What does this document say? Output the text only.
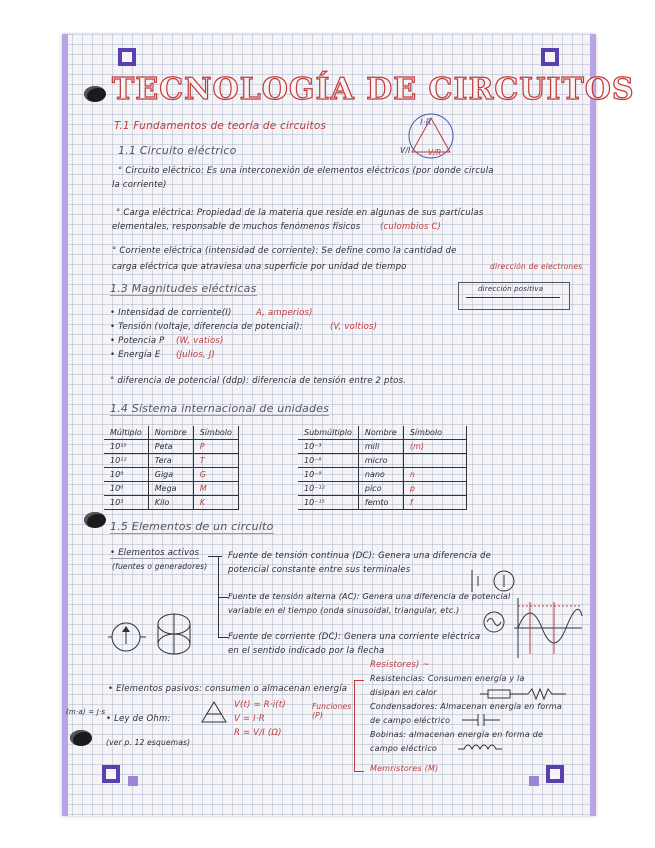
TECNOLOGÍA DE CIRCUITOS
T.1 Fundamentos de teoría de circuitos	I·R
V/I V/R
1.1 Circuito eléctrico
° Circuito eléctrico: Es una interconexión de elementos eléctricos (por donde circula
la corriente)
° Carga eléctrica: Propiedad de la materia que reside en algunas de sus partículas
elementales, responsable de muchos fenómenos físicos (culombios C)
° Corriente eléctrica (intensidad de corriente): Se define como la cantidad de
carga eléctrica que atraviesa una superficie por unidad de tiempo	dirección de electrones
dirección positiva
1.3 Magnitudes eléctricas
• Intensidad de corriente(I)	A, amperios)
• Tensión (voltaje, diferencia de potencial):	(V, voltios)
• Potencia P (W, vatios)
• Energía E (Julios, J)
° diferencia de potencial (ddp): diferencia de tensión entre 2 ptos.
1.4 Sistema internacional de unidades
Múltiplo	Nombre	Símbolo
10¹⁵	Peta	P
10¹²	Tera	T
10⁹	Giga	G
10⁶	Mega	M
10³	Kilo	K
Submúltiplo	Nombre	Símbolo
10⁻³	mili	(m)
10⁻⁶	micro	
10⁻⁹	nano	n
10⁻¹²	pico	p
10⁻¹⁵	femto	f
1.5 Elementos de un circuito
• Elementos activos
(fuentes o generadores)
Fuente de tensión continua (DC): Genera una diferencia de
potencial constante entre sus terminales
Fuente de tensión alterna (AC): Genera una diferencia de potencial
variable en el tiempo (onda sinusoidal, triangular, etc.)
Fuente de corriente (DC): Genera una corriente eléctrica
en el sentido indicado por la flecha
• Elementos pasivos: consumen o almacenan energía
(m·a) = J·s
• Ley de Ohm:
V(t) = R·i(t)
V = I·R
R = V/I (Ω)
Funciones (P)
(ver p. 12 esquemas)
Resistores) ~
Resistencias: Consumen energía y la
disipan en calor
Condensadores: Almacenan energía en forma
de campo eléctrico
Bobinas: almacenan energía en forma de
campo eléctrico
Memristores (M)
